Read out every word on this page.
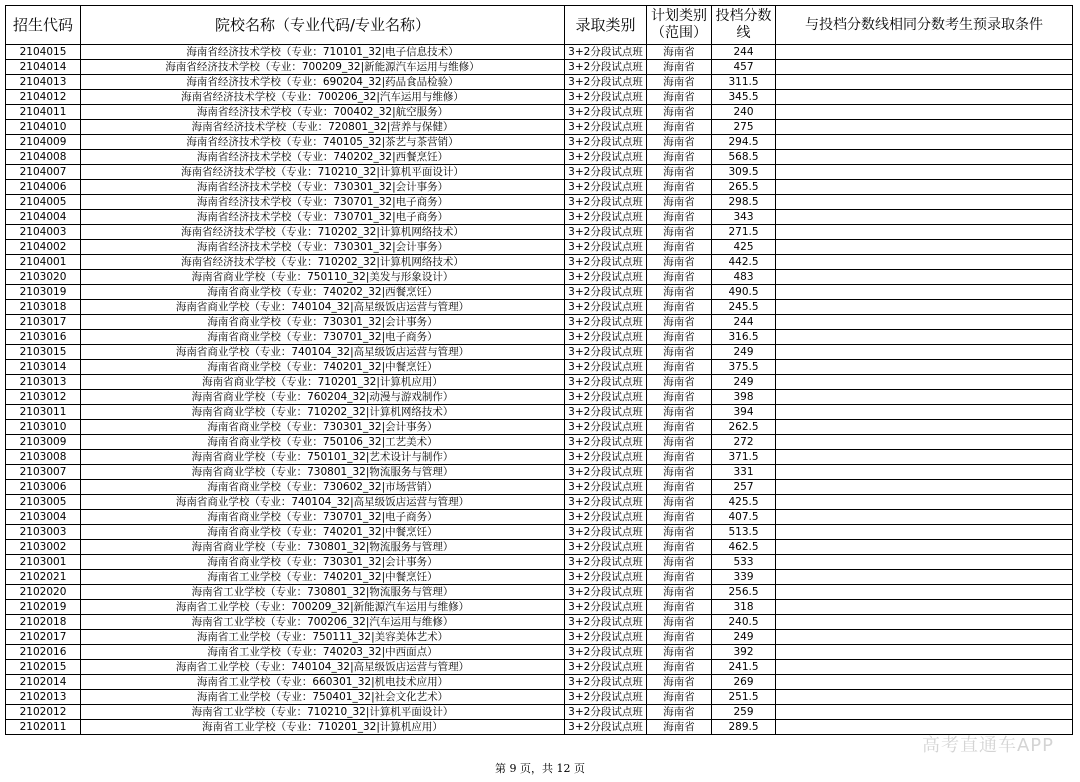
招生代码	院校名称（专业代码/专业名称）	录取类别	计划类别（范围）	投档分数线	与投档分数线相同分数考生预录取条件
2104015	海南省经济技术学校（专业：710101_32|电子信息技术）	3+2分段试点班	海南省	244	
2104014	海南省经济技术学校（专业：700209_32|新能源汽车运用与维修）	3+2分段试点班	海南省	457	
2104013	海南省经济技术学校（专业：690204_32|药品食品检验）	3+2分段试点班	海南省	311.5	
2104012	海南省经济技术学校（专业：700206_32|汽车运用与维修）	3+2分段试点班	海南省	345.5	
2104011	海南省经济技术学校（专业：700402_32|航空服务）	3+2分段试点班	海南省	240	
2104010	海南省经济技术学校（专业：720801_32|营养与保健）	3+2分段试点班	海南省	275	
2104009	海南省经济技术学校（专业：740105_32|茶艺与茶营销）	3+2分段试点班	海南省	294.5	
2104008	海南省经济技术学校（专业：740202_32|西餐烹饪）	3+2分段试点班	海南省	568.5	
2104007	海南省经济技术学校（专业：710210_32|计算机平面设计）	3+2分段试点班	海南省	309.5	
2104006	海南省经济技术学校（专业：730301_32|会计事务）	3+2分段试点班	海南省	265.5	
2104005	海南省经济技术学校（专业：730701_32|电子商务）	3+2分段试点班	海南省	298.5	
2104004	海南省经济技术学校（专业：730701_32|电子商务）	3+2分段试点班	海南省	343	
2104003	海南省经济技术学校（专业：710202_32|计算机网络技术）	3+2分段试点班	海南省	271.5	
2104002	海南省经济技术学校（专业：730301_32|会计事务）	3+2分段试点班	海南省	425	
2104001	海南省经济技术学校（专业：710202_32|计算机网络技术）	3+2分段试点班	海南省	442.5	
2103020	海南省商业学校（专业：750110_32|美发与形象设计）	3+2分段试点班	海南省	483	
2103019	海南省商业学校（专业：740202_32|西餐烹饪）	3+2分段试点班	海南省	490.5	
2103018	海南省商业学校（专业：740104_32|高星级饭店运营与管理）	3+2分段试点班	海南省	245.5	
2103017	海南省商业学校（专业：730301_32|会计事务）	3+2分段试点班	海南省	244	
2103016	海南省商业学校（专业：730701_32|电子商务）	3+2分段试点班	海南省	316.5	
2103015	海南省商业学校（专业：740104_32|高星级饭店运营与管理）	3+2分段试点班	海南省	249	
2103014	海南省商业学校（专业：740201_32|中餐烹饪）	3+2分段试点班	海南省	375.5	
2103013	海南省商业学校（专业：710201_32|计算机应用）	3+2分段试点班	海南省	249	
2103012	海南省商业学校（专业：760204_32|动漫与游戏制作）	3+2分段试点班	海南省	398	
2103011	海南省商业学校（专业：710202_32|计算机网络技术）	3+2分段试点班	海南省	394	
2103010	海南省商业学校（专业：730301_32|会计事务）	3+2分段试点班	海南省	262.5	
2103009	海南省商业学校（专业：750106_32|工艺美术）	3+2分段试点班	海南省	272	
2103008	海南省商业学校（专业：750101_32|艺术设计与制作）	3+2分段试点班	海南省	371.5	
2103007	海南省商业学校（专业：730801_32|物流服务与管理）	3+2分段试点班	海南省	331	
2103006	海南省商业学校（专业：730602_32|市场营销）	3+2分段试点班	海南省	257	
2103005	海南省商业学校（专业：740104_32|高星级饭店运营与管理）	3+2分段试点班	海南省	425.5	
2103004	海南省商业学校（专业：730701_32|电子商务）	3+2分段试点班	海南省	407.5	
2103003	海南省商业学校（专业：740201_32|中餐烹饪）	3+2分段试点班	海南省	513.5	
2103002	海南省商业学校（专业：730801_32|物流服务与管理）	3+2分段试点班	海南省	462.5	
2103001	海南省商业学校（专业：730301_32|会计事务）	3+2分段试点班	海南省	533	
2102021	海南省工业学校（专业：740201_32|中餐烹饪）	3+2分段试点班	海南省	339	
2102020	海南省工业学校（专业：730801_32|物流服务与管理）	3+2分段试点班	海南省	256.5	
2102019	海南省工业学校（专业：700209_32|新能源汽车运用与维修）	3+2分段试点班	海南省	318	
2102018	海南省工业学校（专业：700206_32|汽车运用与维修）	3+2分段试点班	海南省	240.5	
2102017	海南省工业学校（专业：750111_32|美容美体艺术）	3+2分段试点班	海南省	249	
2102016	海南省工业学校（专业：740203_32|中西面点）	3+2分段试点班	海南省	392	
2102015	海南省工业学校（专业：740104_32|高星级饭店运营与管理）	3+2分段试点班	海南省	241.5	
2102014	海南省工业学校（专业：660301_32|机电技术应用）	3+2分段试点班	海南省	269	
2102013	海南省工业学校（专业：750401_32|社会文化艺术）	3+2分段试点班	海南省	251.5	
2102012	海南省工业学校（专业：710210_32|计算机平面设计）	3+2分段试点班	海南省	259	
2102011	海南省工业学校（专业：710201_32|计算机应用）	3+2分段试点班	海南省	289.5	
高考直通车APP
第 9 页，共 12 页
